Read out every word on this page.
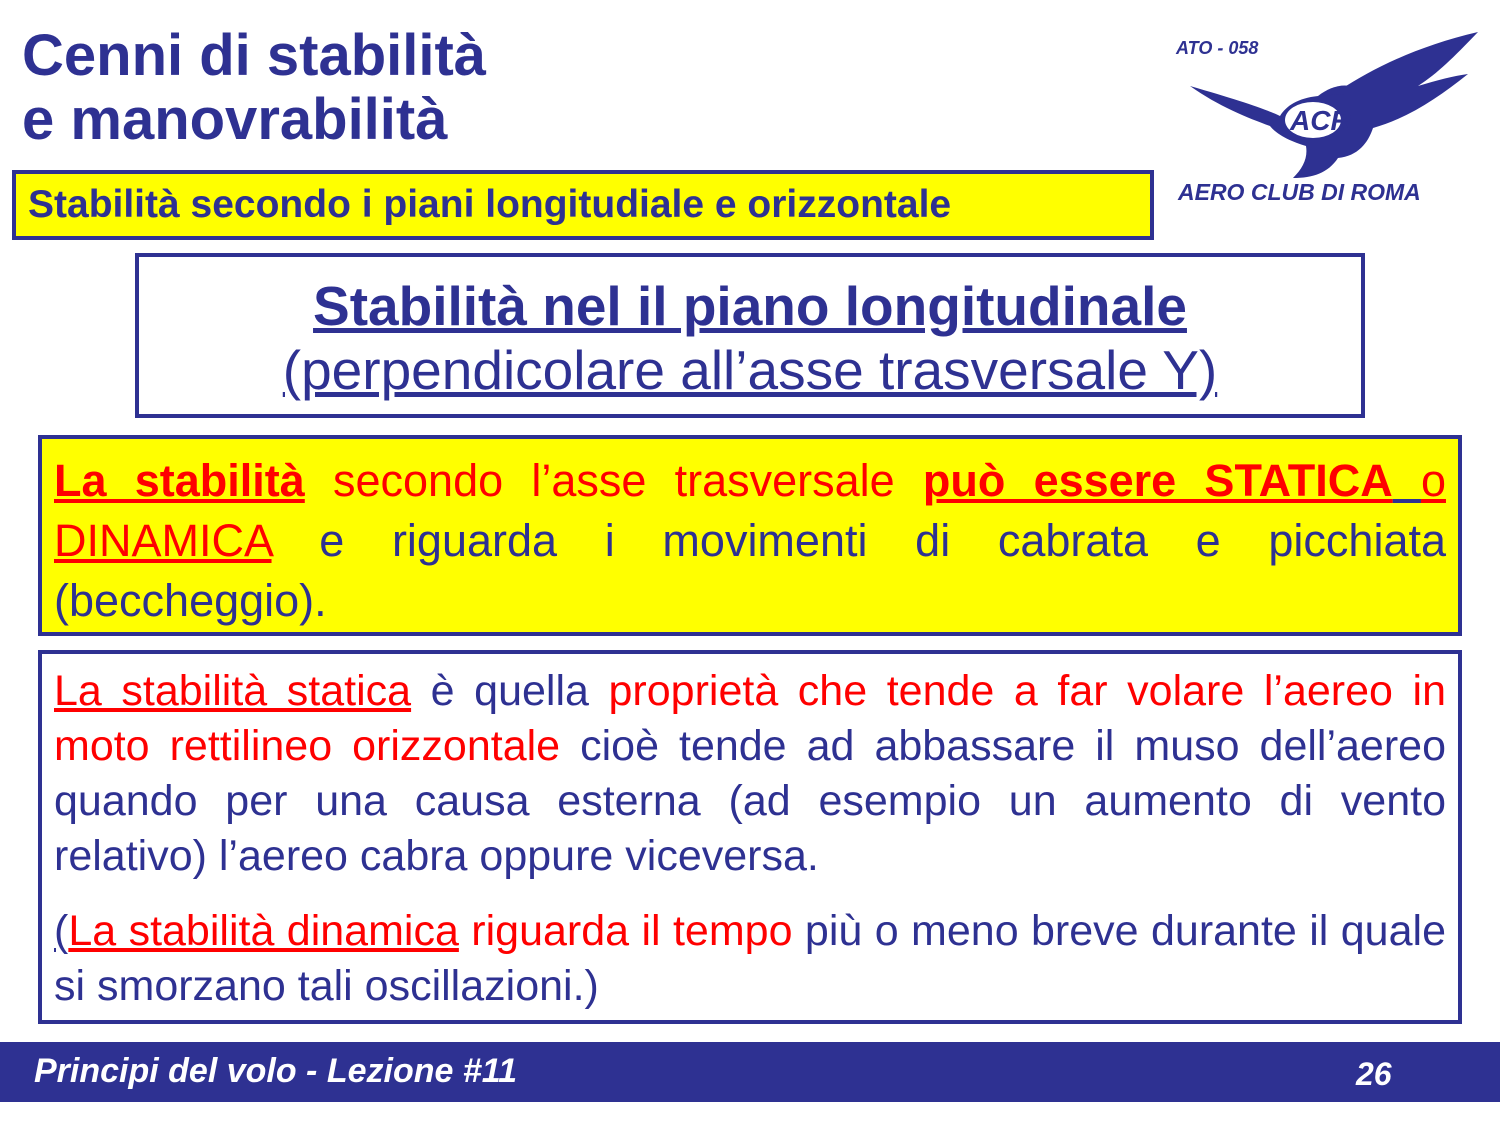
Cenni di stabilità
e manovrabilità
ATO - 058
ACR
AERO CLUB DI ROMA
Stabilità secondo i piani longitudiale e orizzontale
Stabilità nel il piano longitudinale
(perpendicolare all’asse trasversale Y)

La stabilità secondo l’asse trasversale può essere STATICA o DINAMICA e riguarda i movimenti di cabrata e picchiata (beccheggio).

La stabilità statica è quella proprietà che tende a far volare l’aereo in moto rettilineo orizzontale cioè tende ad abbassare il muso dell’aereo quando per una causa esterna (ad esempio un aumento di vento relativo) l’aereo cabra oppure viceversa.

(La stabilità dinamica riguarda il tempo più o meno breve durante il quale si smorzano tali oscillazioni.)

Principi del volo - Lezione #11	26
